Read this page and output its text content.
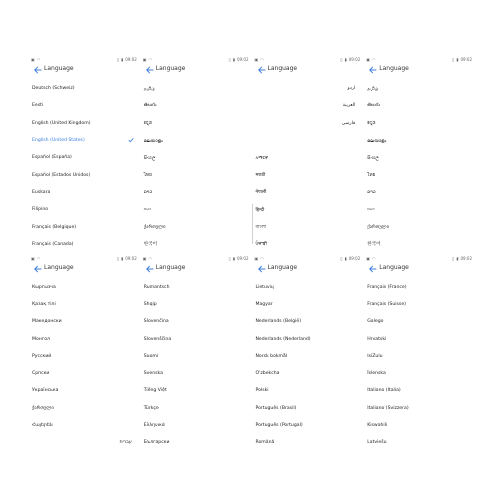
▣ ◠	▯ ▮ 09:02
Language
Deutsch (Schweiz)
Eesti
English (United Kingdom)
English (United States)
Español (España)
Español (Estados Unidos)
Euskara
Filipino
Français (Belgique)
Français (Canada)
▣ ◠	▯ ▮ 09:02
Language
தமிழ்
తెలుగు
ಕನ್ನಡ
മലയാളം
සිංහල
ไทย
ລາວ
ဗမာ
ქართული
한국어
▣ ◠	▯ ▮ 09:02
Language
اردو
العربية
فارسی
አማርኛ
मराठी
नेपाली
हिन्दी
বাংলা
ਪੰਜਾਬੀ
▣ ◠	▯ ▮ 09:02
Language
தமிழ்
తెలుగు
ಕನ್ನಡ
മലയാളം
සිංහල
ไทย
ລາວ
ဗမာ
ქართული
한국어
▣ ◠	▯ ▮ 09:02
Language
Кыргызча
Қазақ тілі
Македонски
Монгол
Русский
Српски
Українська
ქართული
Հայերեն
עברית
▣ ◠	▯ ▮ 09:02
Language
Rumantsch
Shqip
Slovenčina
Slovenščina
Suomi
Svenska
Tiếng Việt
Türkçe
Ελληνικά
Български
▣ ◠	▯ ▮ 09:02
Language
Lietuvių
Magyar
Nederlands (België)
Nederlands (Nederland)
Norsk bokmål
O'zbekcha
Polski
Português (Brasil)
Português (Portugal)
Română
▣ ◠	▯ ▮ 09:02
Language
Français (France)
Français (Suisse)
Galego
Hrvatski
IsiZulu
Íslenska
Italiano (Italia)
Italiano (Svizzera)
Kiswahili
Latviešu
